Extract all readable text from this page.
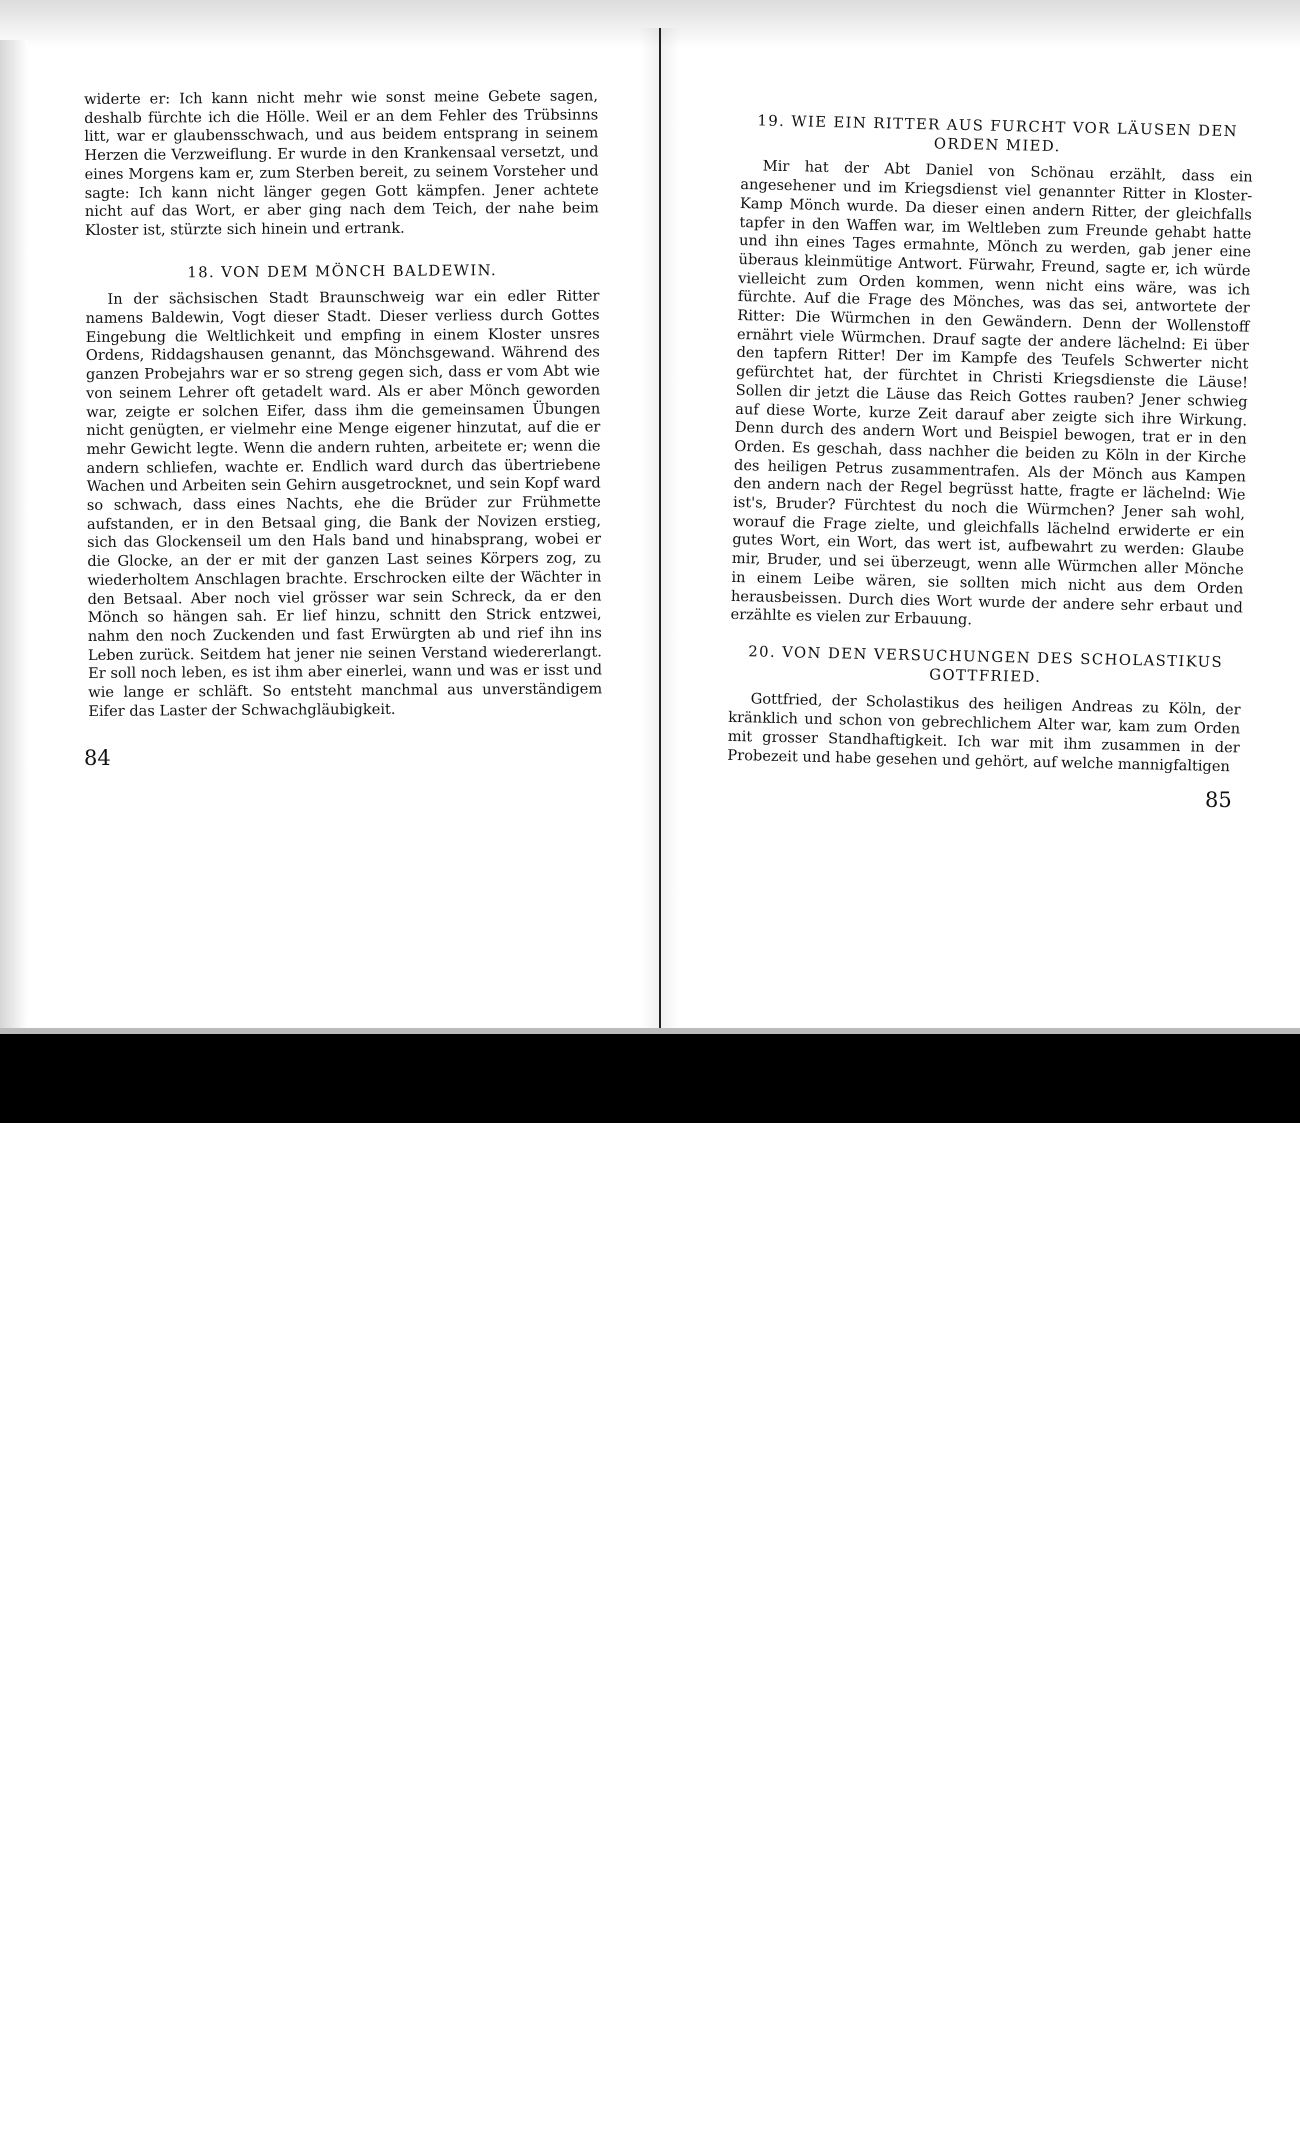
widerte er: Ich kann nicht mehr wie sonst meine Gebete sagen, deshalb fürchte ich die Hölle. Weil er an dem Fehler des Trübsinns litt, war er glaubensschwach, und aus beidem entsprang in seinem Herzen die Verzweiflung. Er wurde in den Krankensaal versetzt, und eines Morgens kam er, zum Sterben bereit, zu seinem Vorsteher und sagte: Ich kann nicht länger gegen Gott kämpfen. Jener achtete nicht auf das Wort, er aber ging nach dem Teich, der nahe beim Kloster ist, stürzte sich hinein und ertrank.

18. VON DEM MÖNCH BALDEWIN.

In der sächsischen Stadt Braunschweig war ein edler Ritter namens Baldewin, Vogt dieser Stadt. Dieser verliess durch Gottes Eingebung die Weltlichkeit und empfing in einem Kloster unsres Ordens, Riddagshausen genannt, das Mönchsgewand. Während des ganzen Probejahrs war er so streng gegen sich, dass er vom Abt wie von seinem Lehrer oft getadelt ward. Als er aber Mönch geworden war, zeigte er solchen Eifer, dass ihm die gemeinsamen Übungen nicht genügten, er vielmehr eine Menge eigener hinzutat, auf die er mehr Gewicht legte. Wenn die andern ruhten, arbeitete er; wenn die andern schliefen, wachte er. Endlich ward durch das übertriebene Wachen und Arbeiten sein Gehirn ausgetrocknet, und sein Kopf ward so schwach, dass eines Nachts, ehe die Brüder zur Frühmette aufstanden, er in den Betsaal ging, die Bank der Novizen erstieg, sich das Glockenseil um den Hals band und hinabsprang, wobei er die Glocke, an der er mit der ganzen Last seines Körpers zog, zu wiederholtem Anschlagen brachte. Erschrocken eilte der Wächter in den Betsaal. Aber noch viel grösser war sein Schreck, da er den Mönch so hängen sah. Er lief hinzu, schnitt den Strick entzwei, nahm den noch Zuckenden und fast Erwürgten ab und rief ihn ins Leben zurück. Seitdem hat jener nie seinen Verstand wiedererlangt. Er soll noch leben, es ist ihm aber einerlei, wann und was er isst und wie lange er schläft. So entsteht manchmal aus unverständigem Eifer das Laster der Schwachgläubigkeit.

84

19. WIE EIN RITTER AUS FURCHT VOR LÄUSEN DEN

ORDEN MIED.

Mir hat der Abt Daniel von Schönau erzählt, dass ein angesehener und im Kriegsdienst viel genannter Ritter in Kloster-Kamp Mönch wurde. Da dieser einen andern Ritter, der gleichfalls tapfer in den Waffen war, im Weltleben zum Freunde gehabt hatte und ihn eines Tages ermahnte, Mönch zu werden, gab jener eine überaus kleinmütige Antwort. Fürwahr, Freund, sagte er, ich würde vielleicht zum Orden kommen, wenn nicht eins wäre, was ich fürchte. Auf die Frage des Mönches, was das sei, antwortete der Ritter: Die Würmchen in den Gewändern. Denn der Wollenstoff ernährt viele Würmchen. Drauf sagte der andere lächelnd: Ei über den tapfern Ritter! Der im Kampfe des Teufels Schwerter nicht gefürchtet hat, der fürchtet in Christi Kriegsdienste die Läuse! Sollen dir jetzt die Läuse das Reich Gottes rauben? Jener schwieg auf diese Worte, kurze Zeit darauf aber zeigte sich ihre Wirkung. Denn durch des andern Wort und Beispiel bewogen, trat er in den Orden. Es geschah, dass nachher die beiden zu Köln in der Kirche des heiligen Petrus zusammentrafen. Als der Mönch aus Kampen den andern nach der Regel begrüsst hatte, fragte er lächelnd: Wie ist's, Bruder? Fürchtest du noch die Würmchen? Jener sah wohl, worauf die Frage zielte, und gleichfalls lächelnd erwiderte er ein gutes Wort, ein Wort, das wert ist, aufbewahrt zu werden: Glaube mir, Bruder, und sei überzeugt, wenn alle Würmchen aller Mönche in einem Leibe wären, sie sollten mich nicht aus dem Orden herausbeissen. Durch dies Wort wurde der andere sehr erbaut und erzählte es vielen zur Erbauung.

20. VON DEN VERSUCHUNGEN DES SCHOLASTIKUS

GOTTFRIED.

Gottfried, der Scholastikus des heiligen Andreas zu Köln, der kränklich und schon von gebrechlichem Alter war, kam zum Orden mit grosser Standhaftigkeit. Ich war mit ihm zusammen in der Probezeit und habe gesehen und gehört, auf welche mannigfaltigen

85
alamy	KWW6FN
